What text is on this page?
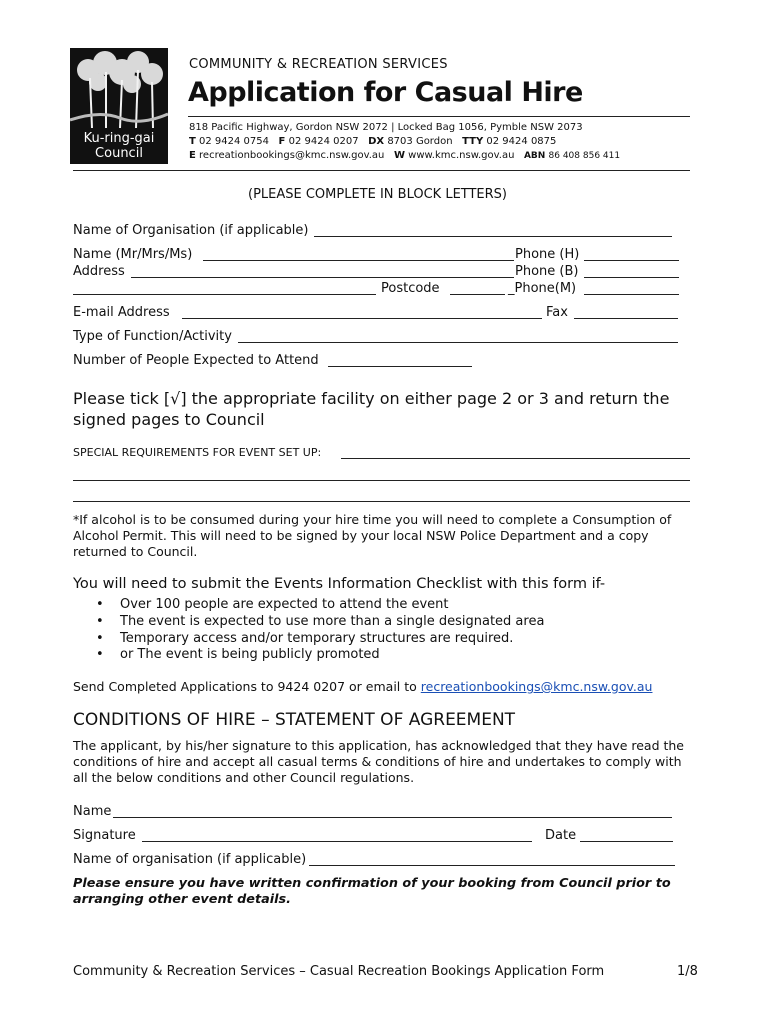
Ku-ring-gai
Council
COMMUNITY & RECREATION SERVICES
Application for Casual Hire
818 Pacific Highway, Gordon NSW 2072 | Locked Bag 1056, Pymble NSW 2073
T 02 9424 0754 F 02 9424 0207 DX 8703 Gordon TTY 02 9424 0875
E recreationbookings@kmc.nsw.gov.au W www.kmc.nsw.gov.au ABN 86 408 856 411
(PLEASE COMPLETE IN BLOCK LETTERS)
Name of Organisation (if applicable)
Name (Mr/Mrs/Ms)	Phone (H)
Address	Phone (B)
Postcode	_Phone(M)
E-mail Address	Fax
Type of Function/Activity
Number of People Expected to Attend
Please tick [√] the appropriate facility on either page 2 or 3 and return the
signed pages to Council
SPECIAL REQUIREMENTS FOR EVENT SET UP:
*If alcohol is to be consumed during your hire time you will need to complete a Consumption of Alcohol Permit. This will need to be signed by your local NSW Police Department and a copy returned to Council.
You will need to submit the Events Information Checklist with this form if-
• Over 100 people are expected to attend the event
• The event is expected to use more than a single designated area
• Temporary access and/or temporary structures are required.
• or The event is being publicly promoted
Send Completed Applications to 9424 0207 or email to recreationbookings@kmc.nsw.gov.au
CONDITIONS OF HIRE – STATEMENT OF AGREEMENT
The applicant, by his/her signature to this application, has acknowledged that they have read the conditions of hire and accept all casual terms & conditions of hire and undertakes to comply with all the below conditions and other Council regulations.
Name
Signature	Date
Name of organisation (if applicable)
Please ensure you have written confirmation of your booking from Council prior to arranging other event details.
Community & Recreation Services – Casual Recreation Bookings Application Form	1/8
